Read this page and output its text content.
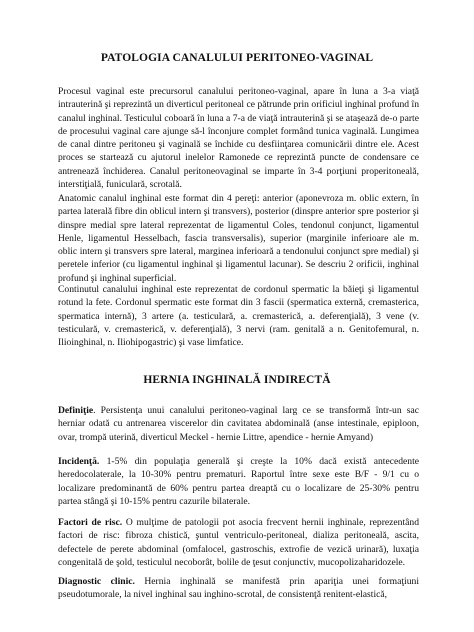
PATOLOGIA CANALULUI PERITONEO-VAGINAL
Procesul vaginal este precursorul canalului peritoneo-vaginal, apare în luna a 3-a viaţă intrauterină şi reprezintă un diverticul peritoneal ce pătrunde prin orificiul inghinal profund în canalul inghinal. Testiculul coboară în luna a 7-a de viaţă intrauterină şi se ataşează de-o parte de procesului vaginal care ajunge să-l înconjure complet formând tunica vaginală. Lungimea de canal dintre peritoneu şi vaginală se închide cu desfiinţarea comunicării dintre ele. Acest proces se startează cu ajutorul inelelor Ramonede ce reprezintă puncte de condensare ce antrenează închiderea. Canalul peritoneovaginal se imparte în 3-4 porţiuni properitoneală, interstiţială, funiculară, scrotală.
Anatomic canalul inghinal este format din 4 pereţi: anterior (aponevroza m. oblic extern, în partea laterală fibre din oblicul intern şi transvers), posterior (dinspre anterior spre posterior şi dinspre medial spre lateral reprezentat de ligamentul Coles, tendonul conjunct, ligamentul Henle, ligamentul Hesselbach, fascia transversalis), superior (marginile inferioare ale m. oblic intern şi transvers spre lateral, marginea inferioară a tendonului conjunct spre medial) şi peretele inferior (cu ligamentul inghinal şi ligamentul lacunar). Se descriu 2 orificii, inghinal profund şi inghinal superficial.
Continutul canalului inghinal este reprezentat de cordonul spermatic la băieţi şi ligamentul rotund la fete. Cordonul spermatic este format din 3 fascii (spermatica externă, cremasterica, spermatica internă), 3 artere (a. testiculară, a. cremasterică, a. deferenţială), 3 vene (v. testiculară, v. cremasterică, v. deferenţială), 3 nervi (ram. genitală a n. Genitofemural, n. Ilioinghinal, n. Iliohipogastric) şi vase limfatice.
HERNIA INGHINALĂ INDIRECTĂ
Definiţie. Persistenţa unui canalului peritoneo-vaginal larg ce se transformă într-un sac herniar odată cu antrenarea viscerelor din cavitatea abdominală (anse intestinale, epiploon, ovar, trompă uterină, diverticul Meckel - hernie Littre, apendice - hernie Amyand)
Incidenţă. 1-5% din populaţia generală şi creşte la 10% dacă există antecedente heredocolaterale, la 10-30% pentru prematuri. Raportul între sexe este B/F - 9/1 cu o localizare predominantă de 60% pentru partea dreaptă cu o localizare de 25-30% pentru partea stângă şi 10-15% pentru cazurile bilaterale.
Factori de risc. O mulţime de patologii pot asocia frecvent hernii inghinale, reprezentând factori de risc: fibroza chistică, şuntul ventriculo-peritoneal, dializa peritoneală, ascita, defectele de perete abdominal (omfalocel, gastroschis, extrofie de vezică urinară), luxaţia congenitală de şold, testiculul necoborât, bolile de ţesut conjunctiv, mucopolizaharidozele.
Diagnostic clinic. Hernia inghinală se manifestă prin apariţia unei formaţiuni pseudotumorale, la nivel inghinal sau inghino-scrotal, de consistenţă renitent-elastică,
